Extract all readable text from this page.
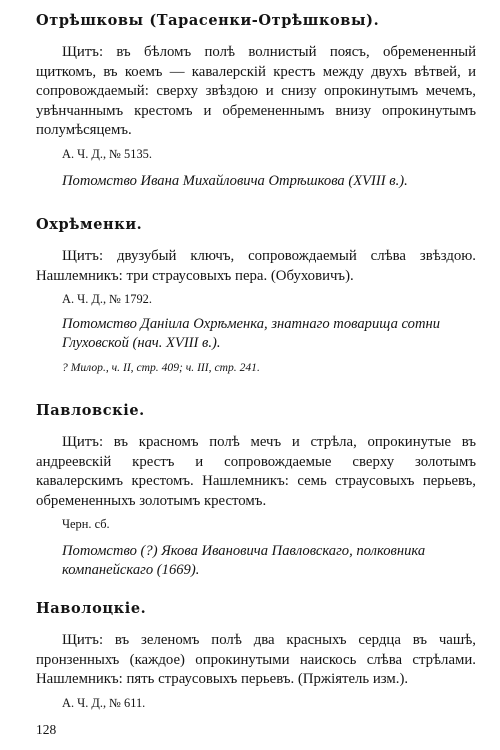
Отрѣшковы (Тарасенки-Отрѣшковы).

Щитъ: въ бѣломъ полѣ волнистый поясъ, обремененный щиткомъ, въ коемъ — кавалерскій крестъ между двухъ вѣтвей, и сопровождаемый: сверху звѣздою и снизу опрокинутымъ мечемъ, увѣнчаннымъ крестомъ и обремененнымъ внизу опрокинутымъ полумѣсяцемъ.

А. Ч. Д., № 5135.

Потомство Ивана Михайловича Отрѣшкова (XVIII в.).

Охрѣменки.

Щитъ: двузубый ключъ, сопровождаемый слѣва звѣздою. Нашлемникъ: три страусовыхъ пера. (Обуховичъ).

А. Ч. Д., № 1792.

Потомство Данiила Охрѣменка, знатнаго товарища сотни Глуховской (нач. XVIII в.).

? Милор., ч. II, стр. 409; ч. III, стр. 241.

Павловскiе.

Щитъ: въ красномъ полѣ мечъ и стрѣла, опрокинутые въ андреевскій крестъ и сопровождаемые сверху золотымъ кавалерскимъ крестомъ. Нашлемникъ: семь страусовыхъ перьевъ, обремененныхъ золотымъ крестомъ.

Черн. сб.

Потомство (?) Якова Ивановича Павловскаго, полковника компанейскаго (1669).

Наволоцкiе.

Щитъ: въ зеленомъ полѣ два красныхъ сердца въ чашѣ, пронзенныхъ (каждое) опрокинутыми наискось слѣва стрѣлами. Нашлемникъ: пять страусовыхъ перьевъ. (Пржiятель изм.).

А. Ч. Д., № 611.

128
